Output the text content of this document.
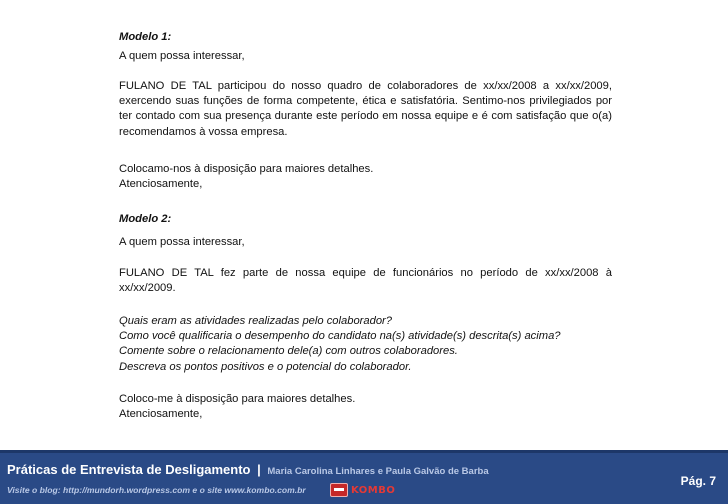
Modelo 1:

A quem possa interessar,

FULANO DE TAL participou do nosso quadro de colaboradores de xx/xx/2008 a xx/xx/2009, exercendo suas funções de forma competente, ética e satisfatória. Sentimo-nos privilegiados por ter contado com sua presença durante este período em nossa equipe e é com satisfação que o(a) recomendamos à vossa empresa.

Colocamo-nos à disposição para maiores detalhes.

Atenciosamente,

Modelo 2:

A quem possa interessar,

FULANO DE TAL fez parte de nossa equipe de funcionários no período de xx/xx/2008 à xx/xx/2009.

Quais eram as atividades realizadas pelo colaborador?
Como você qualificaria o desempenho do candidato na(s) atividade(s) descrita(s) acima?
Comente sobre o relacionamento dele(a) com outros colaboradores.
Descreva os pontos positivos e o potencial do colaborador.

Coloco-me à disposição para maiores detalhes.

Atenciosamente,

Práticas de Entrevista de Desligamento | Maria Carolina Linhares e Paula Galvão de Barba
Visite o blog: http://mundorh.wordpress.com e o site www.kombo.com.br	KOMBO
Pág. 7
